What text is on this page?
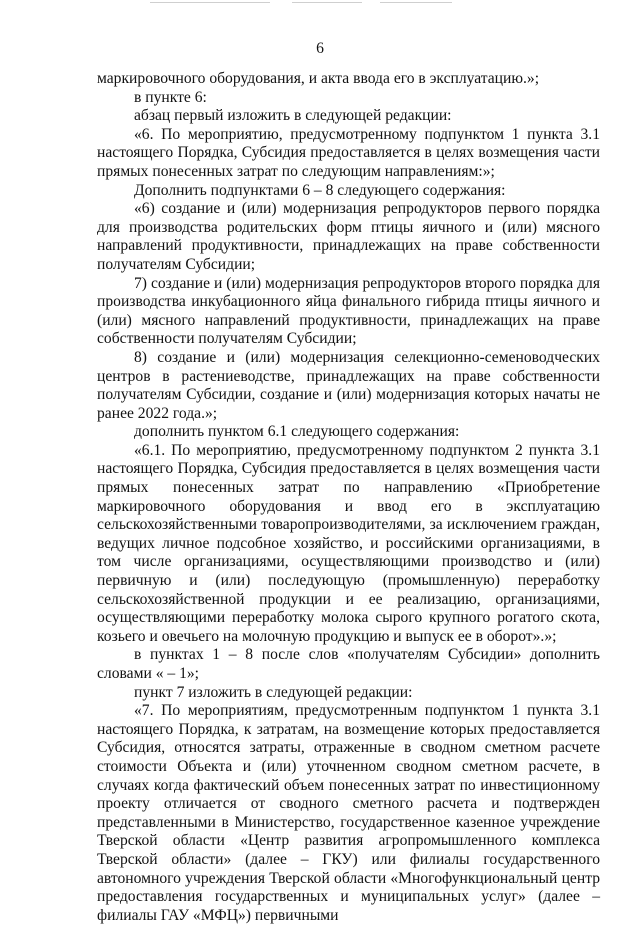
6

маркировочного оборудования, и акта ввода его в эксплуатацию.»;

в пункте 6:

абзац первый изложить в следующей редакции:

«6. По мероприятию, предусмотренному подпунктом 1 пункта 3.1 настоящего Порядка, Субсидия предоставляется в целях возмещения части прямых понесенных затрат по следующим направлениям:»;

Дополнить подпунктами 6 – 8 следующего содержания:

«6) создание и (или) модернизация репродукторов первого порядка для производства родительских форм птицы яичного и (или) мясного направлений продуктивности, принадлежащих на праве собственности получателям Субсидии;

7) создание и (или) модернизация репродукторов второго порядка для производства инкубационного яйца финального гибрида птицы яичного и (или) мясного направлений продуктивности, принадлежащих на праве собственности получателям Субсидии;

8) создание и (или) модернизация селекционно-семеноводческих центров в растениеводстве, принадлежащих на праве собственности получателям Субсидии, создание и (или) модернизация которых начаты не ранее 2022 года.»;

дополнить пунктом 6.1 следующего содержания:

«6.1. По мероприятию, предусмотренному подпунктом 2 пункта 3.1 настоящего Порядка, Субсидия предоставляется в целях возмещения части прямых понесенных затрат по направлению «Приобретение маркировочного оборудования и ввод его в эксплуатацию сельскохозяйственными товаропроизводителями, за исключением граждан, ведущих личное подсобное хозяйство, и российскими организациями, в том числе организациями, осуществляющими производство и (или) первичную и (или) последующую (промышленную) переработку сельскохозяйственной продукции и ее реализацию, организациями, осуществляющими переработку молока сырого крупного рогатого скота, козьего и овечьего на молочную продукцию и выпуск ее в оборот».»;

в пунктах 1 – 8 после слов «получателям Субсидии» дополнить словами « – 1»;

пункт 7 изложить в следующей редакции:

«7. По мероприятиям, предусмотренным подпунктом 1 пункта 3.1 настоящего Порядка, к затратам, на возмещение которых предоставляется Субсидия, относятся затраты, отраженные в сводном сметном расчете стоимости Объекта и (или) уточненном сводном сметном расчете, в случаях когда фактический объем понесенных затрат по инвестиционному проекту отличается от сводного сметного расчета и подтвержден представленными в Министерство, государственное казенное учреждение Тверской области «Центр развития агропромышленного комплекса Тверской области» (далее – ГКУ) или филиалы государственного автономного учреждения Тверской области «Многофункциональный центр предоставления государственных и муниципальных услуг» (далее – филиалы ГАУ «МФЦ») первичными
